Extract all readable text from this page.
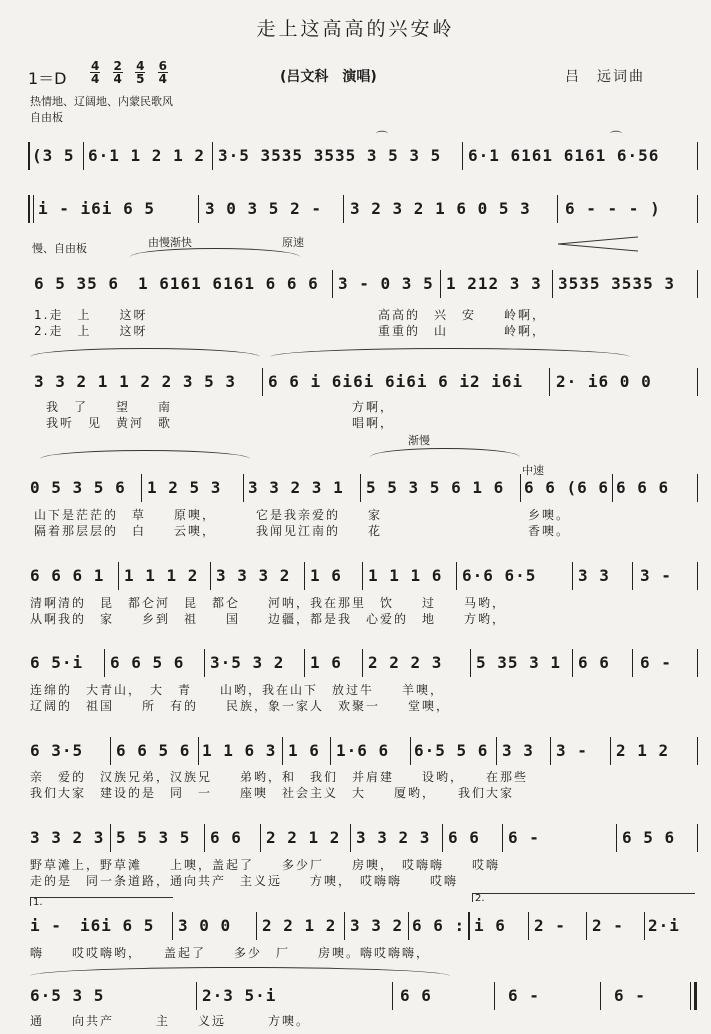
走上这高高的兴安岭
$1=D \frac{4}{4} \frac{2}{4} \frac{4}{5} \frac{6}{4}$	(吕文科　演唱)	吕　远词曲
热情地、辽阔地、内蒙民歌风
自由板
(3 5 6·1 1 2 1 2 3·5 3535 3535 3 5 3 5	6·1 6161 6161 6·56
⌒	⌒
i - i6i 6 5	3 0 3 5 2 -	3 2 3 2 1 6 0 5 3	6 - - - )
慢、自由板	由慢渐快	原速
6 5 35 6	1 6161 6161 6 6 6	3 - 0 3 5 1 212 3 3	3535 3535 3
1.走　上　　这呀	高高的　兴　安　　岭啊，
2.走　上　　这呀	重重的　山　　　　岭啊，
3 3 2 1 1 2 2 3 5 3	6 6 i 6i6i 6i6i 6 i2 i6i	2· i6 0 0
我　了　　望　　南	方啊，
我听　见　黄河　歌	唱啊，
渐慢
中速
0 5 3 5 6	1 2 5 3	3 3 2 3 1	5 5 3 5 6 1 6	6 6 (6 6 6 6 6
山下是茫茫的　草　　原噢，	它是我亲爱的　　家	乡噢。
隔着那层层的　白　　云噢，	我闻见江南的　　花	香噢。
6 6 6 1	1 1 1 2	3 3 3 2	1 6	1 1 1 6	6·6 6·5	3 3	3 -
清啊清的　昆　都仑河　昆　都仑　　河呐，我在那里　饮　　过　　马哟，
从啊我的　家　　乡到　祖　　国　　边疆，都是我　心爱的　地　　方哟，
6 5·i	6 6 5 6	3·5 3 2	1 6	2 2 2 3	5 35 3 1	6 6	6 -
连绵的　大青山，　大　青　　山哟，我在山下　放过牛　　羊噢，
辽阔的　祖国　　所　有的　　民族，象一家人　欢聚一　　堂噢，
6 3·5	6 6 5 6 1 1 6 3 1 6	1·6 6	6·5 5 6 3 3	3 -	2 1 2
亲　爱的　汉族兄弟，汉族兄　　弟哟，和　我们　并肩建　　设哟，　　在那些
我们大家　建设的是　同　一　　座噢　社会主义　大　　厦哟，　　我们大家
3 3 2 3 5 5 3 5	6 6	2 2 1 2 3 3 2 3	6 6	6 -	6 5 6
野草滩上，野草滩　　上噢，盖起了　　多少厂　　房噢，　哎嗨嗨　　哎嗨
走的是　同一条道路，通向共产　主义远　　方噢，　哎嗨嗨　　哎嗨
1.	2.
i -	i6i 6 5	3 0 0	2 2 1 2 3 3 2 6 6 : i 6	2 -	2 -	2·i
嗨　　哎哎嗨哟，　　盖起了　　多少　厂　　房噢。嗨哎嗨嗨，
6·5 3 5	2·3 5·i	6 6	6 -	6 -
通　　向共产　　　主　　义远　　　方噢。
